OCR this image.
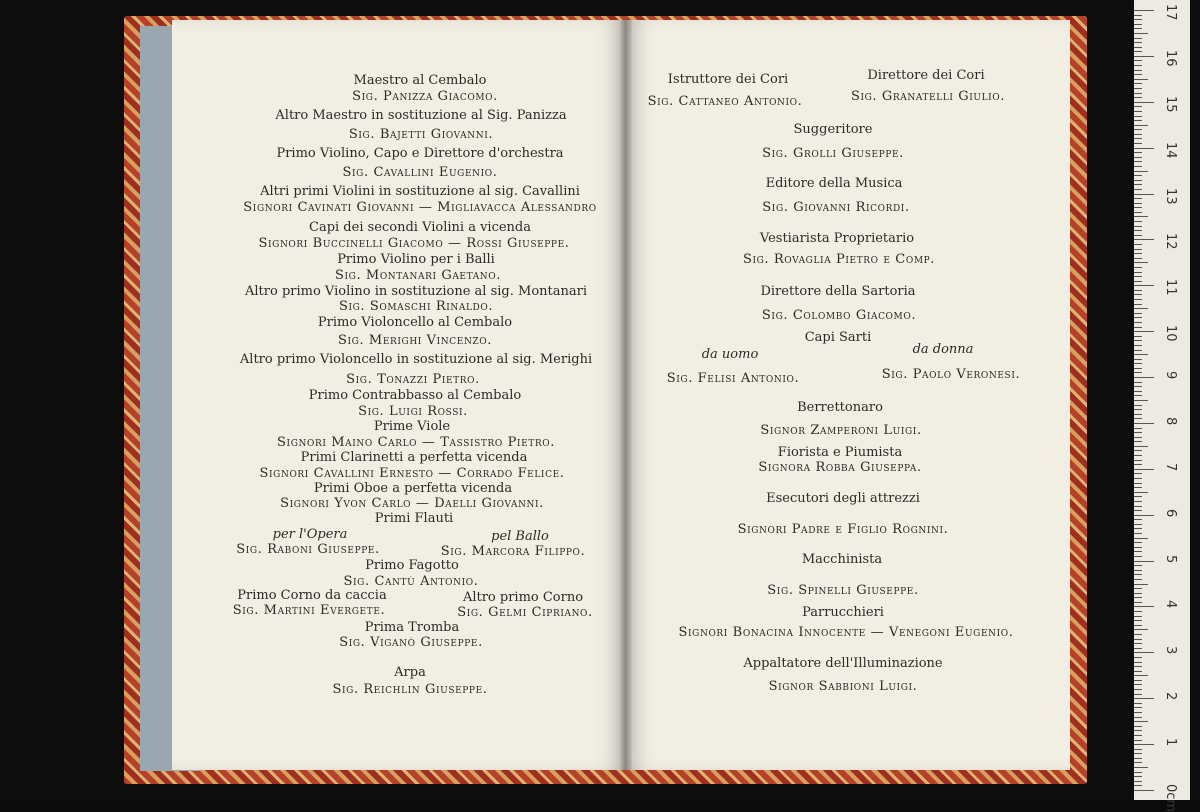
Maestro al Cembalo
Sig. Panizza Giacomo.
Altro Maestro in sostituzione al Sig. Panizza
Sig. Bajetti Giovanni.
Primo Violino, Capo e Direttore d'orchestra
Sig. Cavallini Eugenio.
Altri primi Violini in sostituzione al sig. Cavallini
Signori Cavinati Giovanni — Migliavacca Alessandro
Capi dei secondi Violini a vicenda
Signori Buccinelli Giacomo — Rossi Giuseppe.
Primo Violino per i Balli
Sig. Montanari Gaetano.
Altro primo Violino in sostituzione al sig. Montanari
Sig. Somaschi Rinaldo.
Primo Violoncello al Cembalo
Sig. Merighi Vincenzo.
Altro primo Violoncello in sostituzione al sig. Merighi
Sig. Tonazzi Pietro.
Primo Contrabbasso al Cembalo
Sig. Luigi Rossi.
Prime Viole
Signori Maino Carlo — Tassistro Pietro.
Primi Clarinetti a perfetta vicenda
Signori Cavallini Ernesto — Corrado Felice.
Primi Oboe a perfetta vicenda
Signori Yvon Carlo — Daelli Giovanni.
Primi Flauti
per l'Opera	pel Ballo
Sig. Raboni Giuseppe.	Sig. Marcora Filippo.
Primo Fagotto
Sig. Cantù Antonio.
Primo Corno da caccia	Altro primo Corno
Sig. Martini Evergete.	Sig. Gelmi Cipriano.
Prima Tromba
Sig. Viganò Giuseppe.
Arpa
Sig. Reichlin Giuseppe.
Istruttore dei Cori	Direttore dei Cori
Sig. Cattaneo Antonio.	Sig. Granatelli Giulio.
Suggeritore
Sig. Grolli Giuseppe.
Editore della Musica
Sig. Giovanni Ricordi.
Vestiarista Proprietario
Sig. Rovaglia Pietro e Comp.
Direttore della Sartoria
Sig. Colombo Giacomo.
Capi Sarti
da uomo	da donna
Sig. Felisi Antonio.	Sig. Paolo Veronesi.
Berrettonaro
Signor Zamperoni Luigi.
Fiorista e Piumista
Signora Robba Giuseppa.
Esecutori degli attrezzi
Signori Padre e Figlio Rognini.
Macchinista
Sig. Spinelli Giuseppe.
Parrucchieri
Signori Bonacina Innocente — Venegoni Eugenio.
Appaltatore dell'Illuminazione
Signor Sabbioni Luigi.
17
16
15
14
13
12
11
10
9
8
7
6
5
4
3
2
1
0cm
